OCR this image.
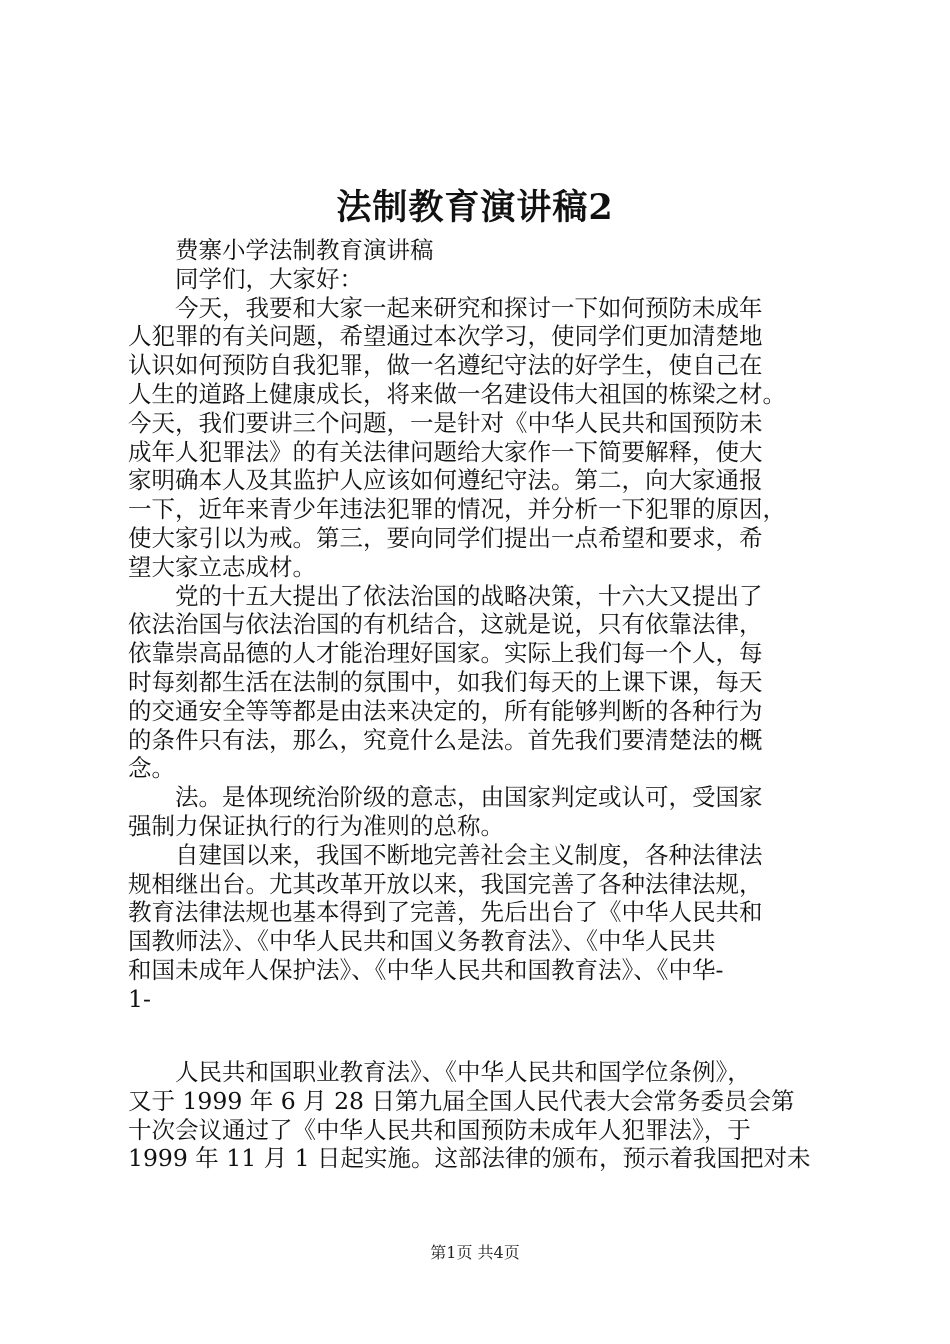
法制教育演讲稿2
费寨小学法制教育演讲稿
同学们，大家好：
今天，我要和大家一起来研究和探讨一下如何预防未成年
人犯罪的有关问题，希望通过本次学习，使同学们更加清楚地
认识如何预防自我犯罪，做一名遵纪守法的好学生，使自己在
人生的道路上健康成长，将来做一名建设伟大祖国的栋梁之材。
今天，我们要讲三个问题，一是针对《中华人民共和国预防未
成年人犯罪法》的有关法律问题给大家作一下简要解释，使大
家明确本人及其监护人应该如何遵纪守法。第二，向大家通报
一下，近年来青少年违法犯罪的情况，并分析一下犯罪的原因，
使大家引以为戒。第三，要向同学们提出一点希望和要求，希
望大家立志成材。
党的十五大提出了依法治国的战略决策，十六大又提出了
依法治国与依法治国的有机结合，这就是说，只有依靠法律，
依靠崇高品德的人才能治理好国家。实际上我们每一个人，每
时每刻都生活在法制的氛围中，如我们每天的上课下课，每天
的交通安全等等都是由法来决定的，所有能够判断的各种行为
的条件只有法，那么，究竟什么是法。首先我们要清楚法的概
念。
法。是体现统治阶级的意志，由国家判定或认可，受国家
强制力保证执行的行为准则的总称。
自建国以来，我国不断地完善社会主义制度，各种法律法
规相继出台。尤其改革开放以来，我国完善了各种法律法规，
教育法律法规也基本得到了完善，先后出台了《中华人民共和
国教师法》、《中华人民共和国义务教育法》、《中华人民共
和国未成年人保护法》、《中华人民共和国教育法》、《中华-
1-
人民共和国职业教育法》、《中华人民共和国学位条例》，
又于 1999 年 6 月 28 日第九届全国人民代表大会常务委员会第
十次会议通过了《中华人民共和国预防未成年人犯罪法》，于
1999 年 11 月 1 日起实施。这部法律的颁布，预示着我国把对未
第1页 共4页
